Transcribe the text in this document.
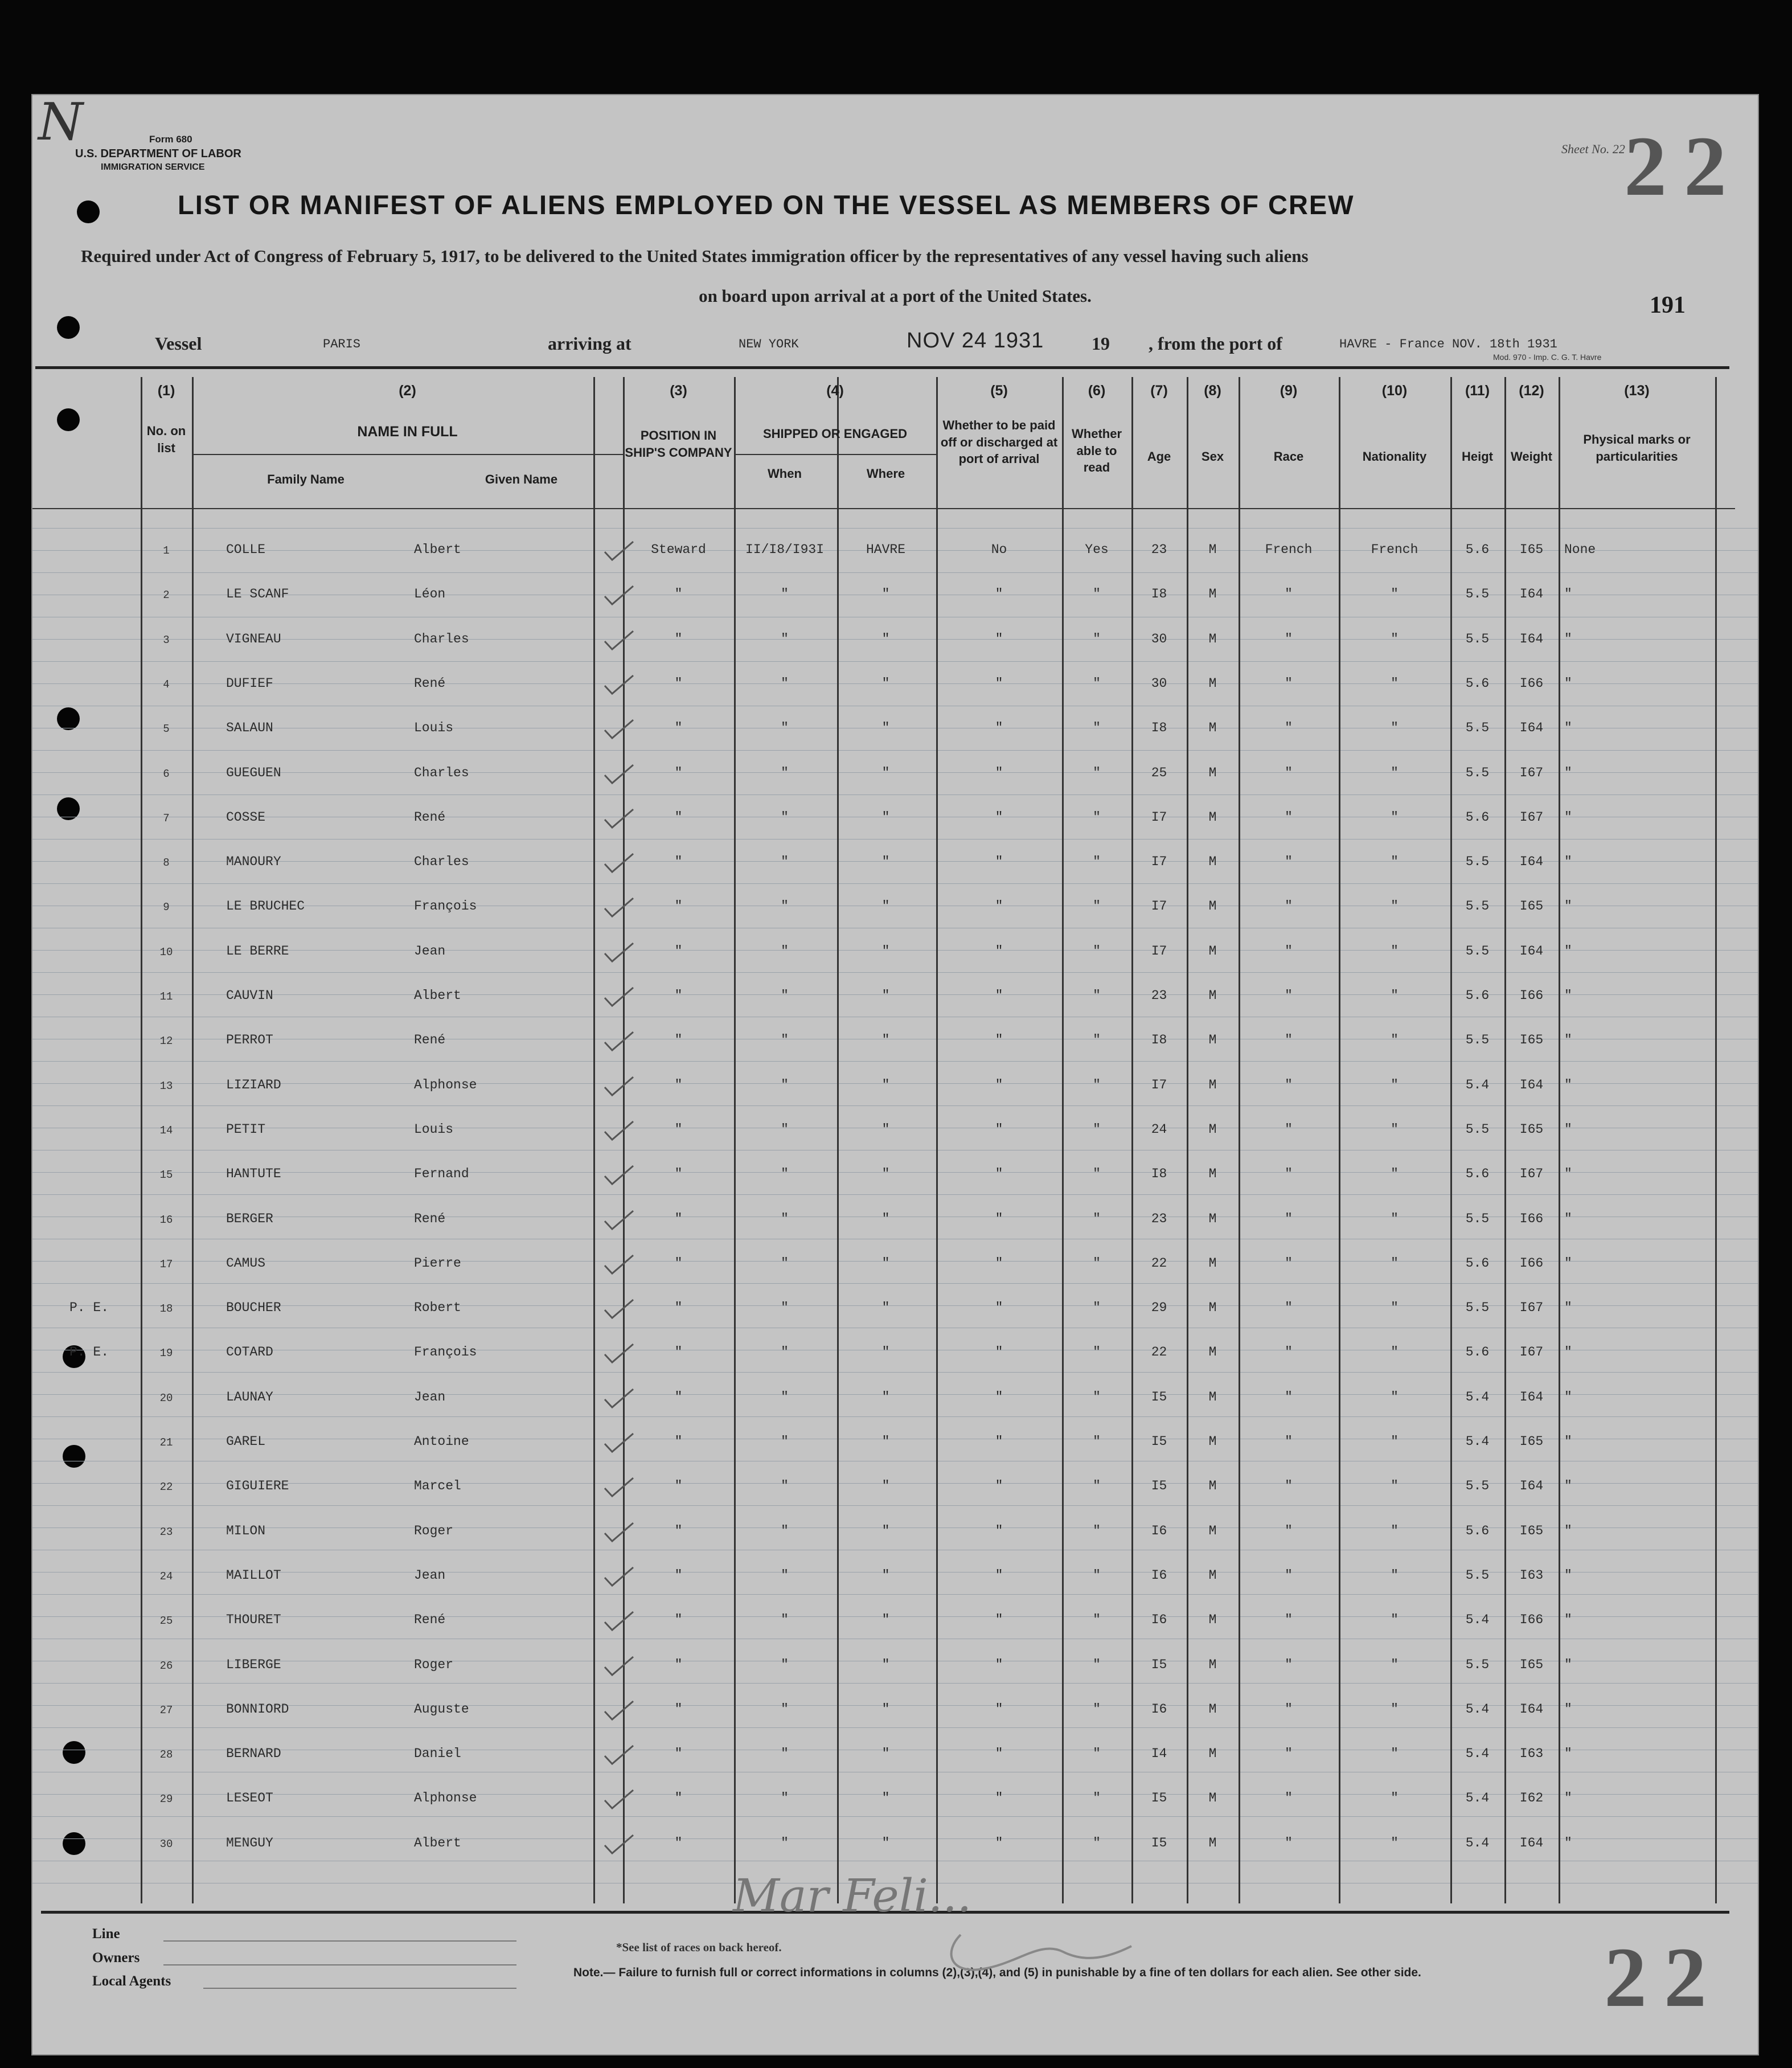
N	Form 680
U.S. DEPARTMENT OF LABOR
IMMIGRATION SERVICE
Sheet No. 22
22
LIST OR MANIFEST OF ALIENS EMPLOYED ON THE VESSEL AS MEMBERS OF CREW
Required under Act of Congress of February 5, 1917, to be delivered to the United States immigration officer by the representatives of any vessel having such aliens
on board upon arrival at a port of the United States.	191
Vessel	PARIS	arriving at	NEW YORK	NOV 24 1931	19 , from the port of	HAVRE - France NOV. 18th 1931
Mod. 970 - Imp. C. G. T. Havre
(1)
No. on list
(2)
NAME IN FULL
Family Name	Given Name
(3)
POSITION IN SHIP'S COMPANY
(4)
SHIPPED OR ENGAGED
When	Where
(5)
Whether to be paid off or discharged at port of arrival
(6)
Whether able to read
(7)
Age
(8)
Sex
(9)
Race
(10)
Nationality
(11)
Heigt
(12)
Weight
(13)
Physical marks or particularities
1	COLLE	Albert	Steward	II/I8/I93I	HAVRE	No	Yes	23	M	French	French	5.6	I65	None
2	LE SCANF	Léon	"	"	"	"	"	I8	M	"	"	5.5	I64	"
3	VIGNEAU	Charles	"	"	"	"	"	30	M	"	"	5.5	I64	"
4	DUFIEF	René	"	"	"	"	"	30	M	"	"	5.6	I66	"
5	SALAUN	Louis	"	"	"	"	"	I8	M	"	"	5.5	I64	"
6	GUEGUEN	Charles	"	"	"	"	"	25	M	"	"	5.5	I67	"
7	COSSE	René	"	"	"	"	"	I7	M	"	"	5.6	I67	"
8	MANOURY	Charles	"	"	"	"	"	I7	M	"	"	5.5	I64	"
9	LE BRUCHEC	François	"	"	"	"	"	I7	M	"	"	5.5	I65	"
10	LE BERRE	Jean	"	"	"	"	"	I7	M	"	"	5.5	I64	"
11	CAUVIN	Albert	"	"	"	"	"	23	M	"	"	5.6	I66	"
12	PERROT	René	"	"	"	"	"	I8	M	"	"	5.5	I65	"
13	LIZIARD	Alphonse	"	"	"	"	"	I7	M	"	"	5.4	I64	"
14	PETIT	Louis	"	"	"	"	"	24	M	"	"	5.5	I65	"
15	HANTUTE	Fernand	"	"	"	"	"	I8	M	"	"	5.6	I67	"
16	BERGER	René	"	"	"	"	"	23	M	"	"	5.5	I66	"
17	CAMUS	Pierre	"	"	"	"	"	22	M	"	"	5.6	I66	"
18	BOUCHER	Robert	"	"	"	"	"	29	M	"	"	5.5	I67	"
P. E.
19	COTARD	François	"	"	"	"	"	22	M	"	"	5.6	I67	"
P. E.
20	LAUNAY	Jean	"	"	"	"	"	I5	M	"	"	5.4	I64	"
21	GAREL	Antoine	"	"	"	"	"	I5	M	"	"	5.4	I65	"
22	GIGUIERE	Marcel	"	"	"	"	"	I5	M	"	"	5.5	I64	"
23	MILON	Roger	"	"	"	"	"	I6	M	"	"	5.6	I65	"
24	MAILLOT	Jean	"	"	"	"	"	I6	M	"	"	5.5	I63	"
25	THOURET	René	"	"	"	"	"	I6	M	"	"	5.4	I66	"
26	LIBERGE	Roger	"	"	"	"	"	I5	M	"	"	5.5	I65	"
27	BONNIORD	Auguste	"	"	"	"	"	I6	M	"	"	5.4	I64	"
28	BERNARD	Daniel	"	"	"	"	"	I4	M	"	"	5.4	I63	"
29	LESEOT	Alphonse	"	"	"	"	"	I5	M	"	"	5.4	I62	"
30	MENGUY	Albert	"	"	"	"	"	I5	M	"	"	5.4	I64	"
Line
Owners
Local Agents
*See list of races on back hereof.
Note.— Failure to furnish full or correct informations in columns (2),(3),(4), and (5) in punishable by a fine of ten dollars for each alien. See other side.
Mar Feli...
22
